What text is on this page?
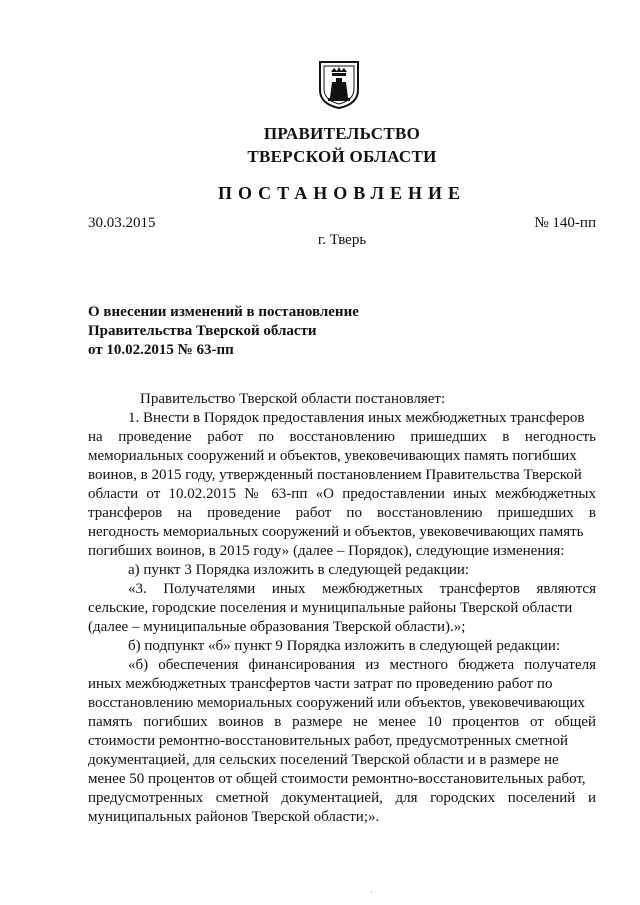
ПРАВИТЕЛЬСТВО
ТВЕРСКОЙ ОБЛАСТИ
ПОСТАНОВЛЕНИЕ
30.03.2015	№ 140-пп
г. Тверь
О внесении изменений в постановление
Правительства Тверской области
от 10.02.2015 № 63-пп
Правительство Тверской области постановляет:
1. Внести в Порядок предоставления иных межбюджетных трансферов
на проведение работ по восстановлению пришедших в негодность
мемориальных сооружений и объектов, увековечивающих память погибших
воинов, в 2015 году, утвержденный постановлением Правительства Тверской
области от 10.02.2015 № 63-пп «О предоставлении иных межбюджетных
трансферов на проведение работ по восстановлению пришедших в
негодность мемориальных сооружений и объектов, увековечивающих память
погибших воинов, в 2015 году» (далее – Порядок), следующие изменения:
а) пункт 3 Порядка изложить в следующей редакции:
«3. Получателями иных межбюджетных трансфертов являются
сельские, городские поселения и муниципальные районы Тверской области
(далее – муниципальные образования Тверской области).»;
б) подпункт «б» пункт 9 Порядка изложить в следующей редакции:
«б) обеспечения финансирования из местного бюджета получателя
иных межбюджетных трансфертов части затрат по проведению работ по
восстановлению мемориальных сооружений или объектов, увековечивающих
память погибших воинов в размере не менее 10 процентов от общей
стоимости ремонтно-восстановительных работ, предусмотренных сметной
документацией, для сельских поселений Тверской области и в размере не
менее 50 процентов от общей стоимости ремонтно-восстановительных работ,
предусмотренных сметной документацией, для городских поселений и
муниципальных районов Тверской области;».
·
